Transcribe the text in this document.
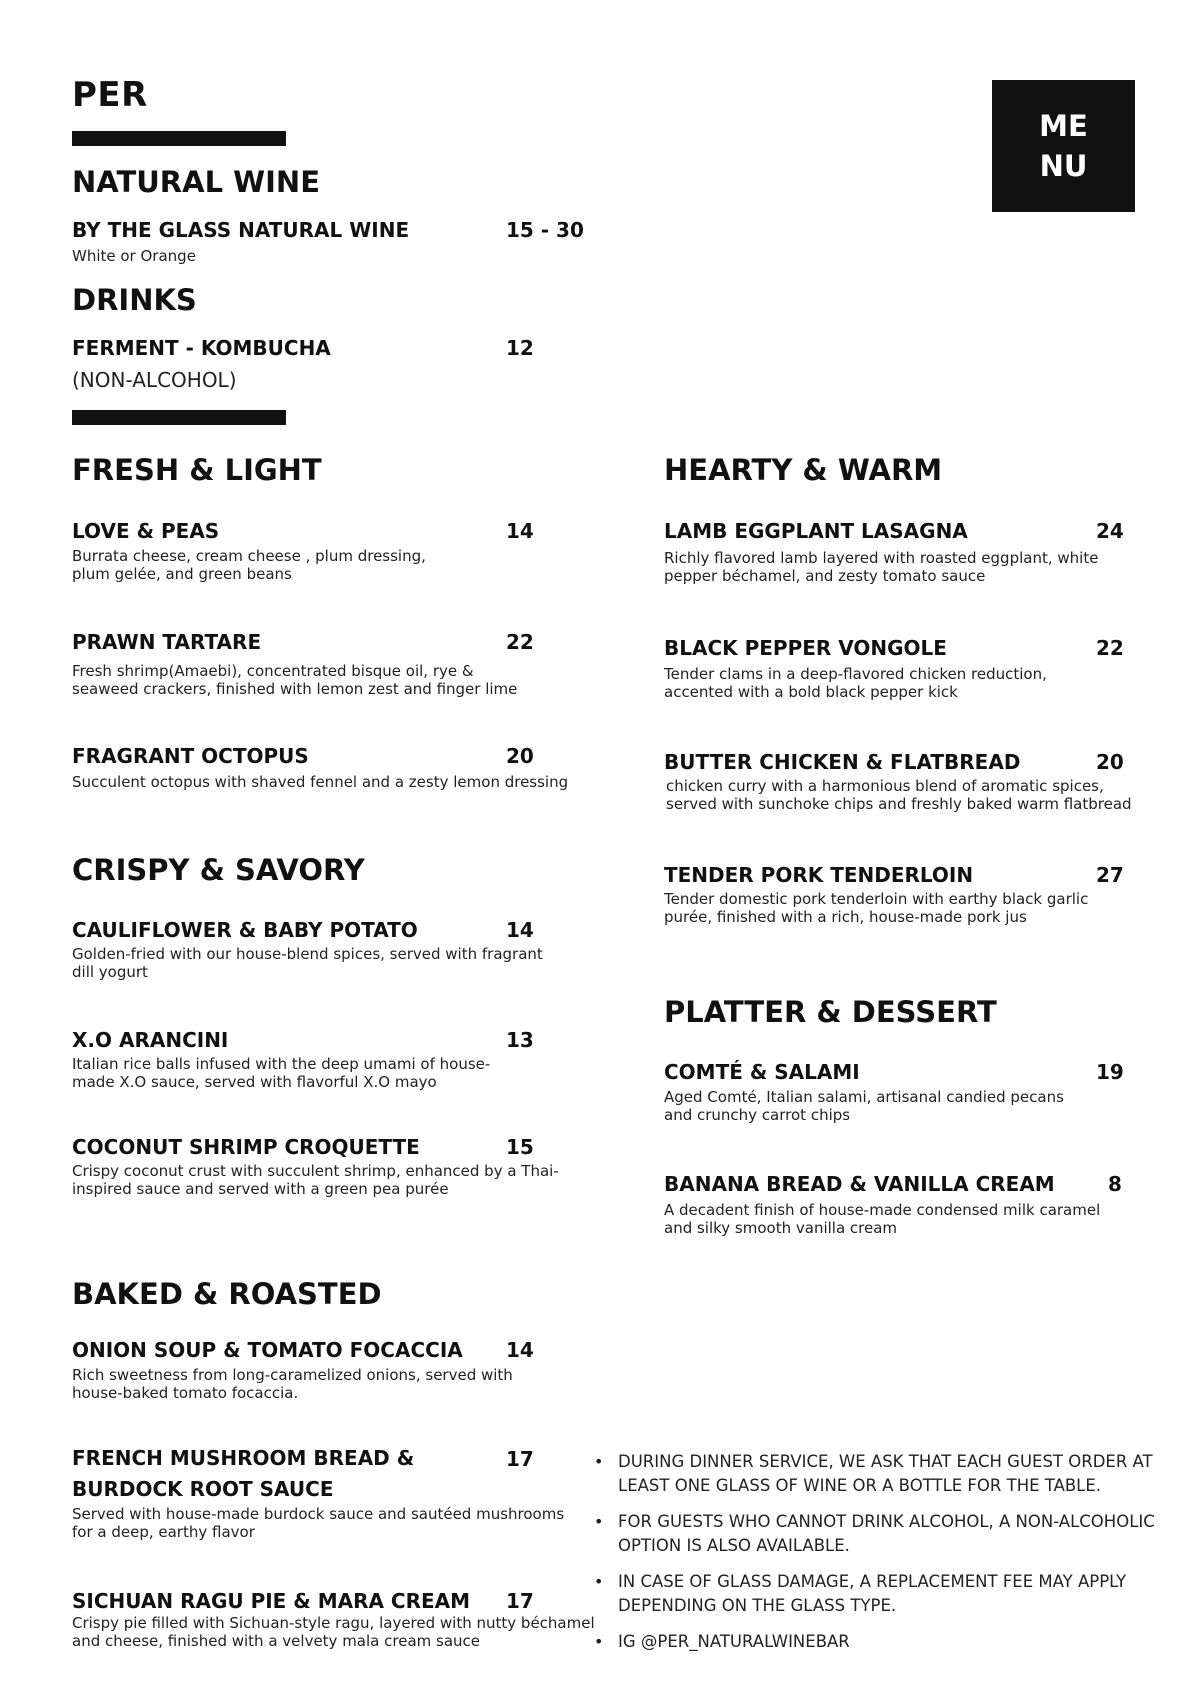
PER
ME
NU
NATURAL WINE
BY THE GLASS NATURAL WINE	15 - 30
White or Orange
DRINKS
FERMENT - KOMBUCHA	12
(NON-ALCOHOL)
FRESH & LIGHT
LOVE & PEAS	14
Burrata cheese, cream cheese , plum dressing,
plum gelée, and green beans
PRAWN TARTARE	22
Fresh shrimp(Amaebi), concentrated bisque oil, rye &
seaweed crackers, finished with lemon zest and finger lime
FRAGRANT OCTOPUS	20
Succulent octopus with shaved fennel and a zesty lemon dressing
CRISPY & SAVORY
CAULIFLOWER & BABY POTATO	14
Golden-fried with our house-blend spices, served with fragrant
dill yogurt
X.O ARANCINI	13
Italian rice balls infused with the deep umami of house-
made X.O sauce, served with flavorful X.O mayo
COCONUT SHRIMP CROQUETTE	15
Crispy coconut crust with succulent shrimp, enhanced by a Thai-
inspired sauce and served with a green pea purée
BAKED & ROASTED
ONION SOUP & TOMATO FOCACCIA 14
Rich sweetness from long-caramelized onions, served with
house-baked tomato focaccia.
FRENCH MUSHROOM BREAD &
BURDOCK ROOT SAUCE
17
Served with house-made burdock sauce and sautéed mushrooms
for a deep, earthy flavor
SICHUAN RAGU PIE & MARA CREAM 17
Crispy pie filled with Sichuan-style ragu, layered with nutty béchamel
and cheese, finished with a velvety mala cream sauce
HEARTY & WARM
LAMB EGGPLANT LASAGNA	24
Richly flavored lamb layered with roasted eggplant, white
pepper béchamel, and zesty tomato sauce
BLACK PEPPER VONGOLE	22
Tender clams in a deep-flavored chicken reduction,
accented with a bold black pepper kick
BUTTER CHICKEN & FLATBREAD	20
chicken curry with a harmonious blend of aromatic spices,
served with sunchoke chips and freshly baked warm flatbread
TENDER PORK TENDERLOIN	27
Tender domestic pork tenderloin with earthy black garlic
purée, finished with a rich, house-made pork jus
PLATTER & DESSERT
COMTÉ & SALAMI	19
Aged Comté, Italian salami, artisanal candied pecans
and crunchy carrot chips
BANANA BREAD & VANILLA CREAM	8
A decadent finish of house-made condensed milk caramel
and silky smooth vanilla cream
• DURING DINNER SERVICE, WE ASK THAT EACH GUEST ORDER AT LEAST ONE GLASS OF WINE OR A BOTTLE FOR THE TABLE.
• FOR GUESTS WHO CANNOT DRINK ALCOHOL, A NON-ALCOHOLIC OPTION IS ALSO AVAILABLE.
• IN CASE OF GLASS DAMAGE, A REPLACEMENT FEE MAY APPLY DEPENDING ON THE GLASS TYPE.
• IG @PER_NATURALWINEBAR
